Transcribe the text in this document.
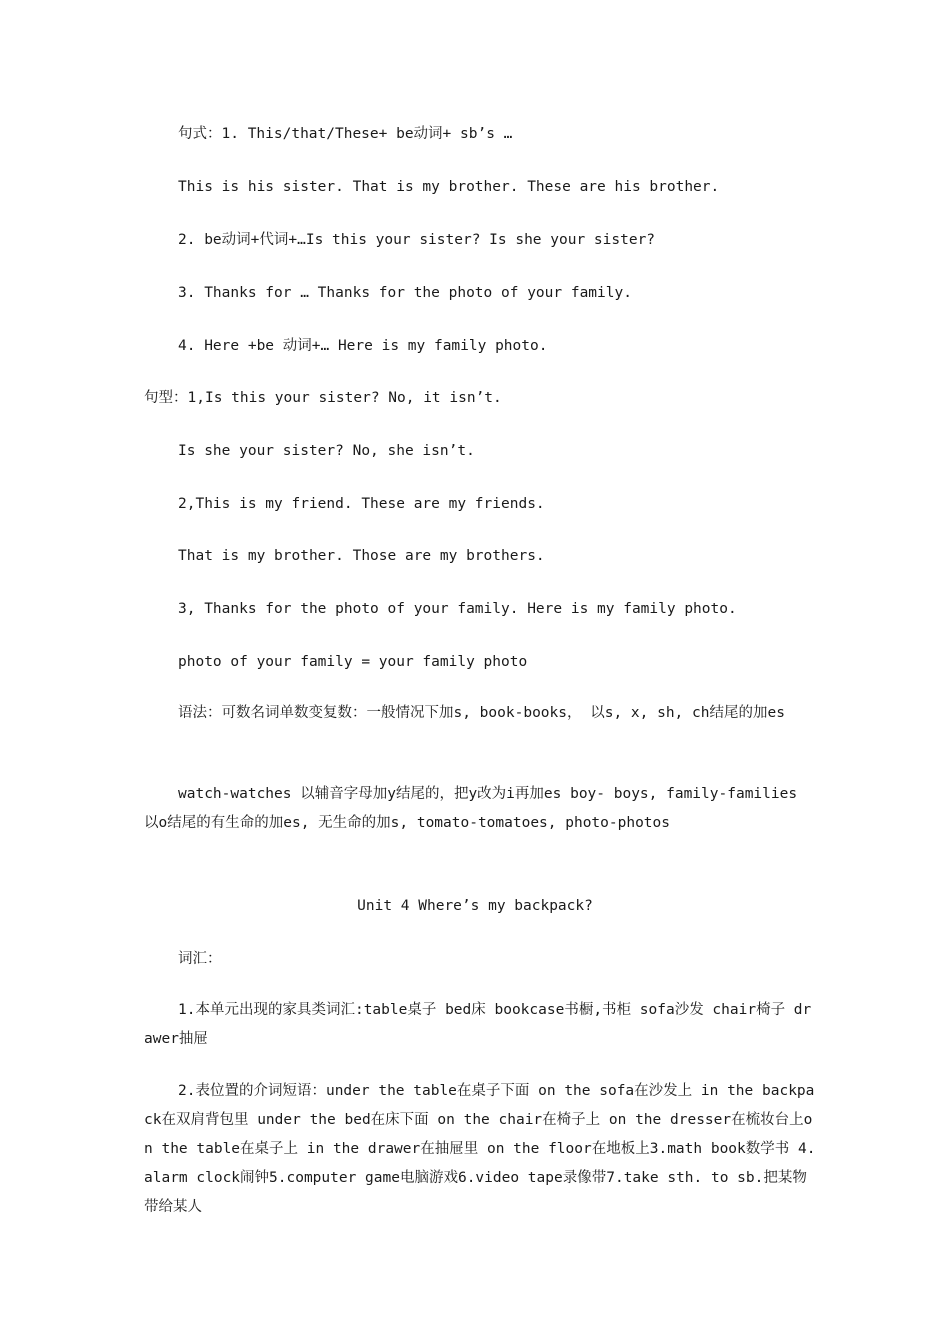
句式：1. This/that/These+ be动词+ sb’s …
This is his sister. That is my brother. These are his brother.
2. be动词+代词+…Is this your sister? Is she your sister?
3. Thanks for … Thanks for the photo of your family.
4. Here +be 动词+… Here is my family photo.
句型：1,Is this your sister? No, it isn’t.
Is she your sister? No, she isn’t.
2,This is my friend. These are my friends.
That is my brother. Those are my brothers.
3, Thanks for the photo of your family. Here is my family photo.
photo of your family = your family photo
语法：可数名词单数变复数：一般情况下加s, book-books， 以s, x, sh, ch结尾的加es
watch-watches 以辅音字母加y结尾的，把y改为i再加es boy- boys, family-families 以o结尾的有生命的加es, 无生命的加s, tomato-tomatoes, photo-photos
Unit 4 Where’s my backpack?
词汇：
1.本单元出现的家具类词汇:table桌子 bed床 bookcase书橱,书柜 sofa沙发 chair椅子 drawer抽屉
2.表位置的介词短语：under the table在桌子下面 on the sofa在沙发上 in the backpack在双肩背包里 under the bed在床下面 on the chair在椅子上 on the dresser在梳妆台上on the table在桌子上 in the drawer在抽屉里 on the floor在地板上3.math book数学书 4.alarm clock闹钟5.computer game电脑游戏6.video tape录像带7.take sth. to sb.把某物带给某人
